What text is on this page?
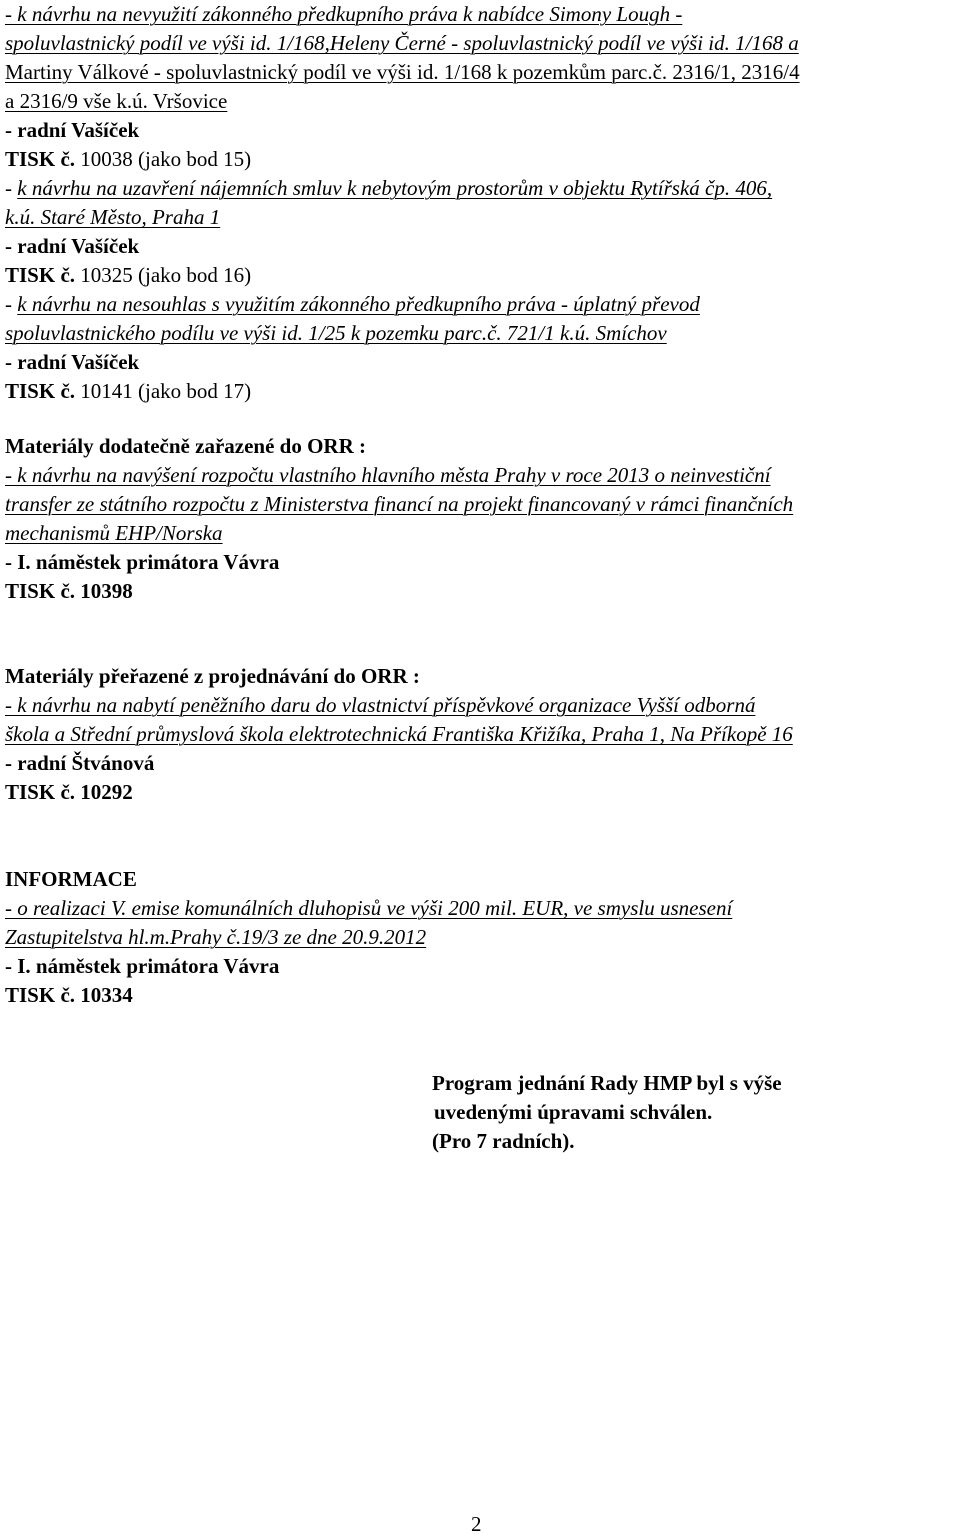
- k návrhu na nevyužití zákonného předkupního práva k nabídce Simony Lough -
spoluvlastnický podíl ve výši id. 1/168,Heleny Černé - spoluvlastnický podíl ve výši id. 1/168 a
Martiny Válkové - spoluvlastnický podíl ve výši id. 1/168 k pozemkům parc.č. 2316/1, 2316/4
a 2316/9 vše k.ú. Vršovice
- radní Vašíček
TISK č. 10038 (jako bod 15)
- k návrhu na uzavření nájemních smluv k nebytovým prostorům v objektu Rytířská čp. 406,
k.ú. Staré Město, Praha 1
- radní Vašíček
TISK č. 10325 (jako bod 16)
- k návrhu na nesouhlas s využitím zákonného předkupního práva - úplatný převod
spoluvlastnického podílu ve výši id. 1/25 k pozemku parc.č. 721/1 k.ú. Smíchov
- radní Vašíček
TISK č. 10141 (jako bod 17)
Materiály dodatečně zařazené do ORR :
- k návrhu na navýšení rozpočtu vlastního hlavního města Prahy v roce 2013 o neinvestiční
transfer ze státního rozpočtu z Ministerstva financí na projekt financovaný v rámci finančních
mechanismů EHP/Norska
- I. náměstek primátora Vávra
TISK č. 10398
Materiály přeřazené z projednávání do ORR :
- k návrhu na nabytí peněžního daru do vlastnictví příspěvkové organizace Vyšší odborná
škola a Střední průmyslová škola elektrotechnická Františka Křižíka, Praha 1, Na Příkopě 16
- radní Štvánová
TISK č. 10292
INFORMACE
- o realizaci V. emise komunálních dluhopisů ve výši 200 mil. EUR, ve smyslu usnesení
Zastupitelstva hl.m.Prahy č.19/3 ze dne 20.9.2012
- I. náměstek primátora Vávra
TISK č. 10334
Program jednání Rady HMP byl s výše
uvedenými úpravami schválen.
(Pro 7 radních).
2
